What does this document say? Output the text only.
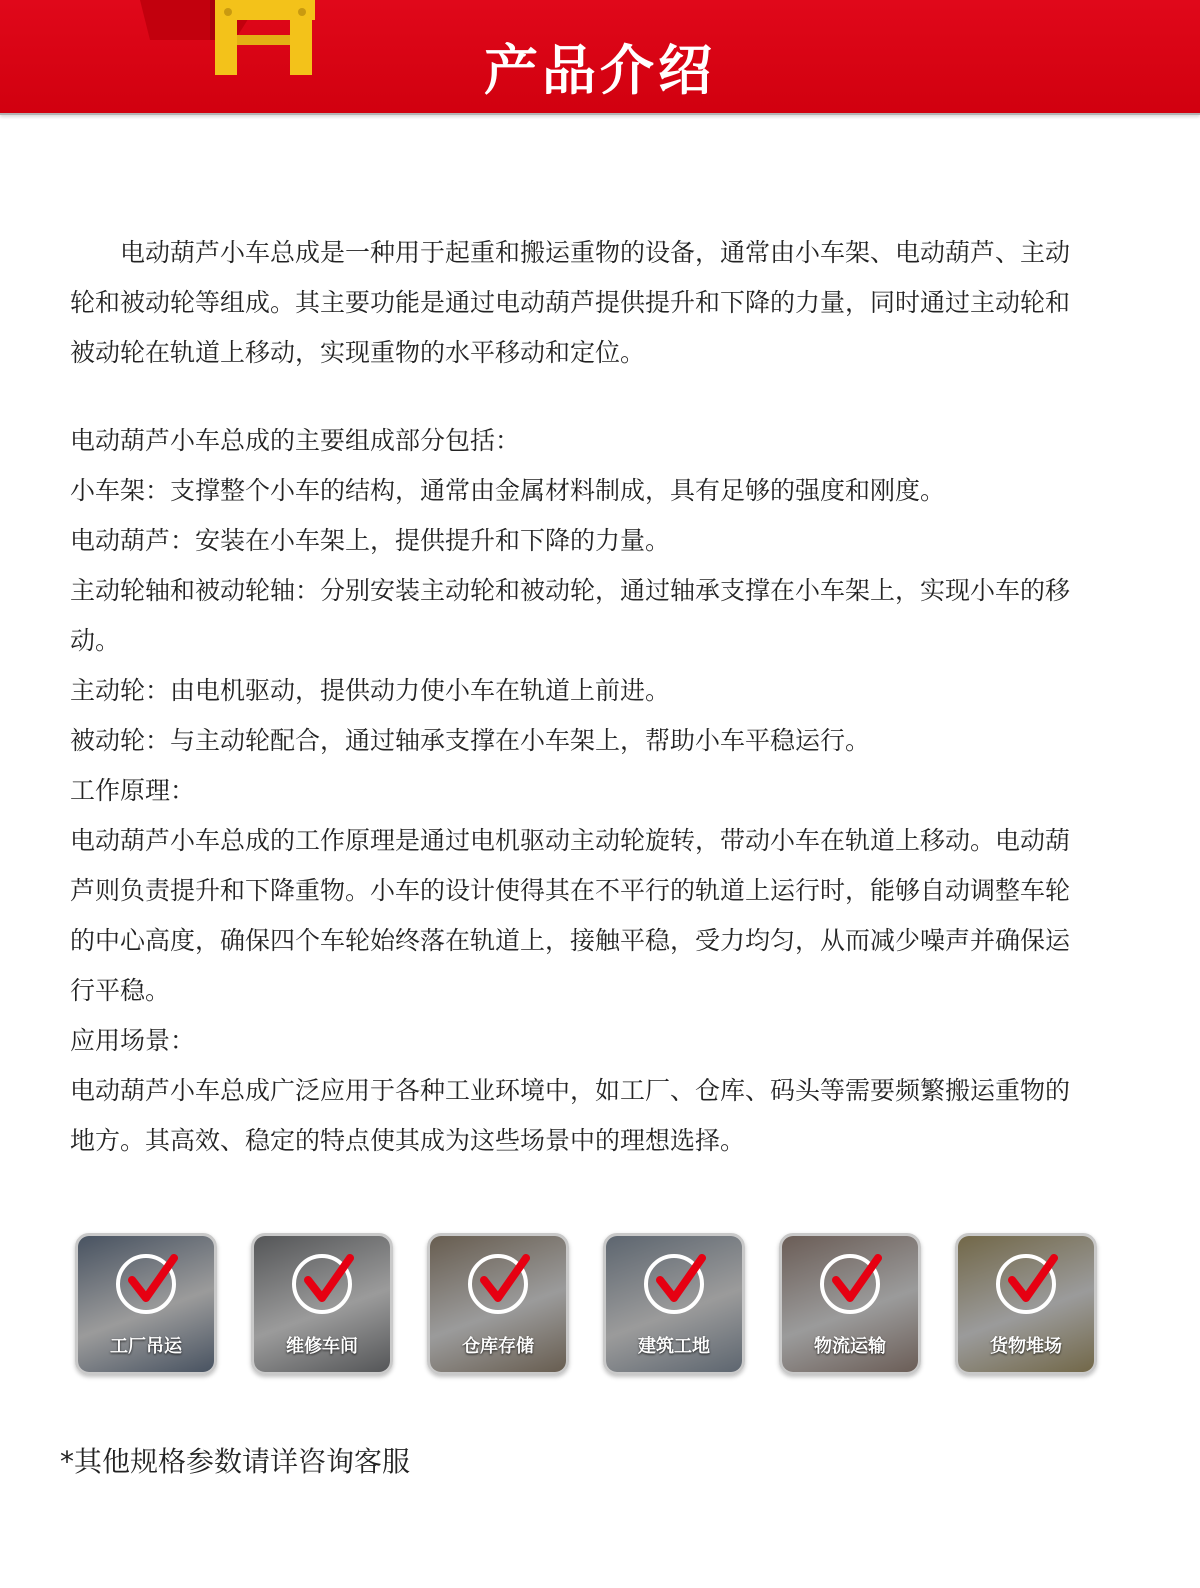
产品介绍

电动葫芦小车总成是一种用于起重和搬运重物的设备，通常由小车架、电动葫芦、主动轮和被动轮等组成。其主要功能是通过电动葫芦提供提升和下降的力量，同时通过主动轮和被动轮在轨道上移动，实现重物的水平移动和定位。

电动葫芦小车总成的主要组成部分包括：

小车架：支撑整个小车的结构，通常由金属材料制成，具有足够的强度和刚度。

电动葫芦：安装在小车架上，提供提升和下降的力量。

主动轮轴和被动轮轴：分别安装主动轮和被动轮，通过轴承支撑在小车架上，实现小车的移动。

主动轮：由电机驱动，提供动力使小车在轨道上前进。

被动轮：与主动轮配合，通过轴承支撑在小车架上，帮助小车平稳运行。

工作原理：

电动葫芦小车总成的工作原理是通过电机驱动主动轮旋转，带动小车在轨道上移动。电动葫芦则负责提升和下降重物。小车的设计使得其在不平行的轨道上运行时，能够自动调整车轮的中心高度，确保四个车轮始终落在轨道上，接触平稳，受力均匀，从而减少噪声并确保运行平稳。

应用场景：

电动葫芦小车总成广泛应用于各种工业环境中，如工厂、仓库、码头等需要频繁搬运重物的地方。其高效、稳定的特点使其成为这些场景中的理想选择。

工厂吊运	维修车间	仓库存储	建筑工地	物流运输	货物堆场
*其他规格参数请详咨询客服
